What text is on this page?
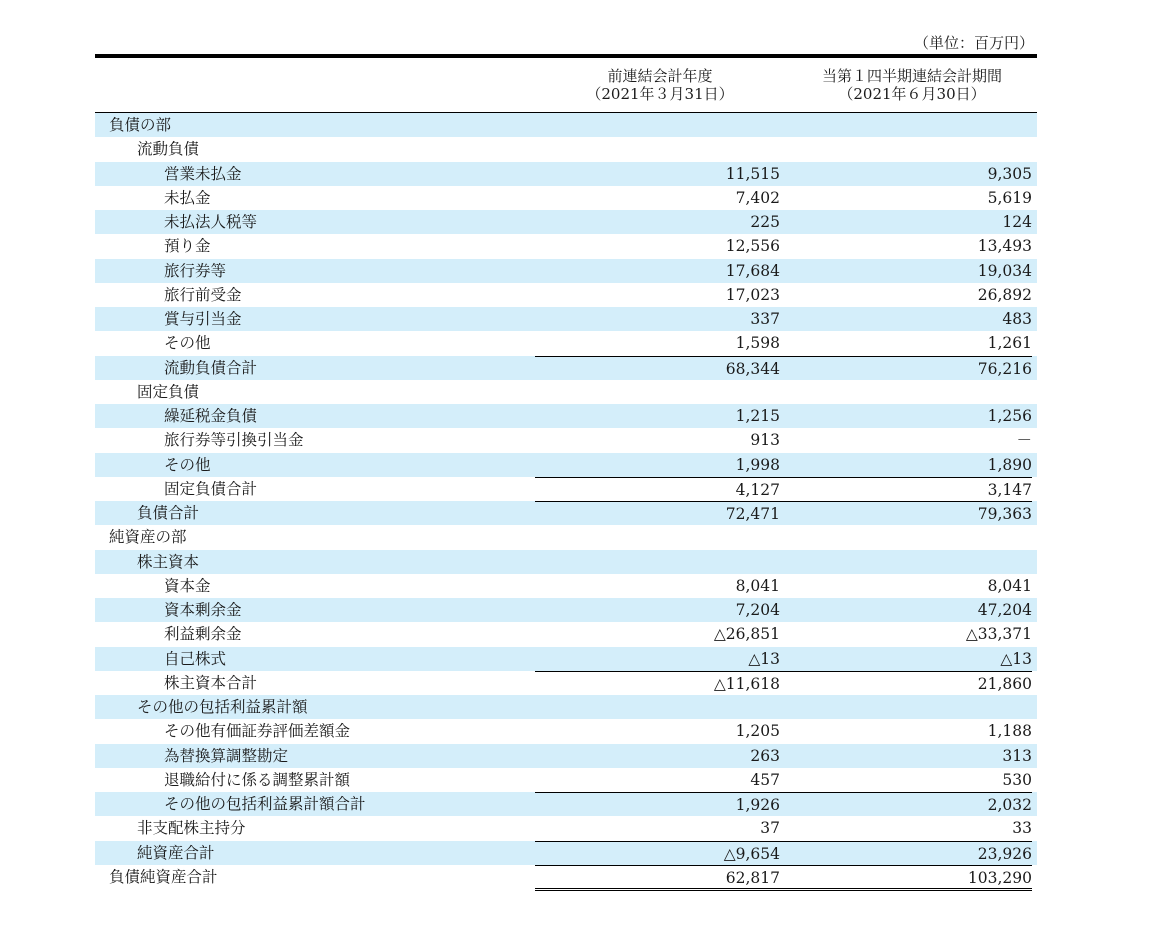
（単位：百万円）
前連結会計年度
（2021年３月31日）
当第１四半期連結会計期間
（2021年６月30日）
負債の部
流動負債
営業未払金	11,515	9,305
未払金	7,402	5,619
未払法人税等	225	124
預り金	12,556	13,493
旅行券等	17,684	19,034
旅行前受金	17,023	26,892
賞与引当金	337	483
その他	1,598	1,261
流動負債合計	68,344	76,216
固定負債
繰延税金負債	1,215	1,256
旅行券等引換引当金	913	－
その他	1,998	1,890
固定負債合計	4,127	3,147
負債合計	72,471	79,363
純資産の部
株主資本
資本金	8,041	8,041
資本剰余金	7,204	47,204
利益剰余金	△26,851	△33,371
自己株式	△13	△13
株主資本合計	△11,618	21,860
その他の包括利益累計額
その他有価証券評価差額金	1,205	1,188
為替換算調整勘定	263	313
退職給付に係る調整累計額	457	530
その他の包括利益累計額合計	1,926	2,032
非支配株主持分	37	33
純資産合計	△9,654	23,926
負債純資産合計	62,817	103,290
